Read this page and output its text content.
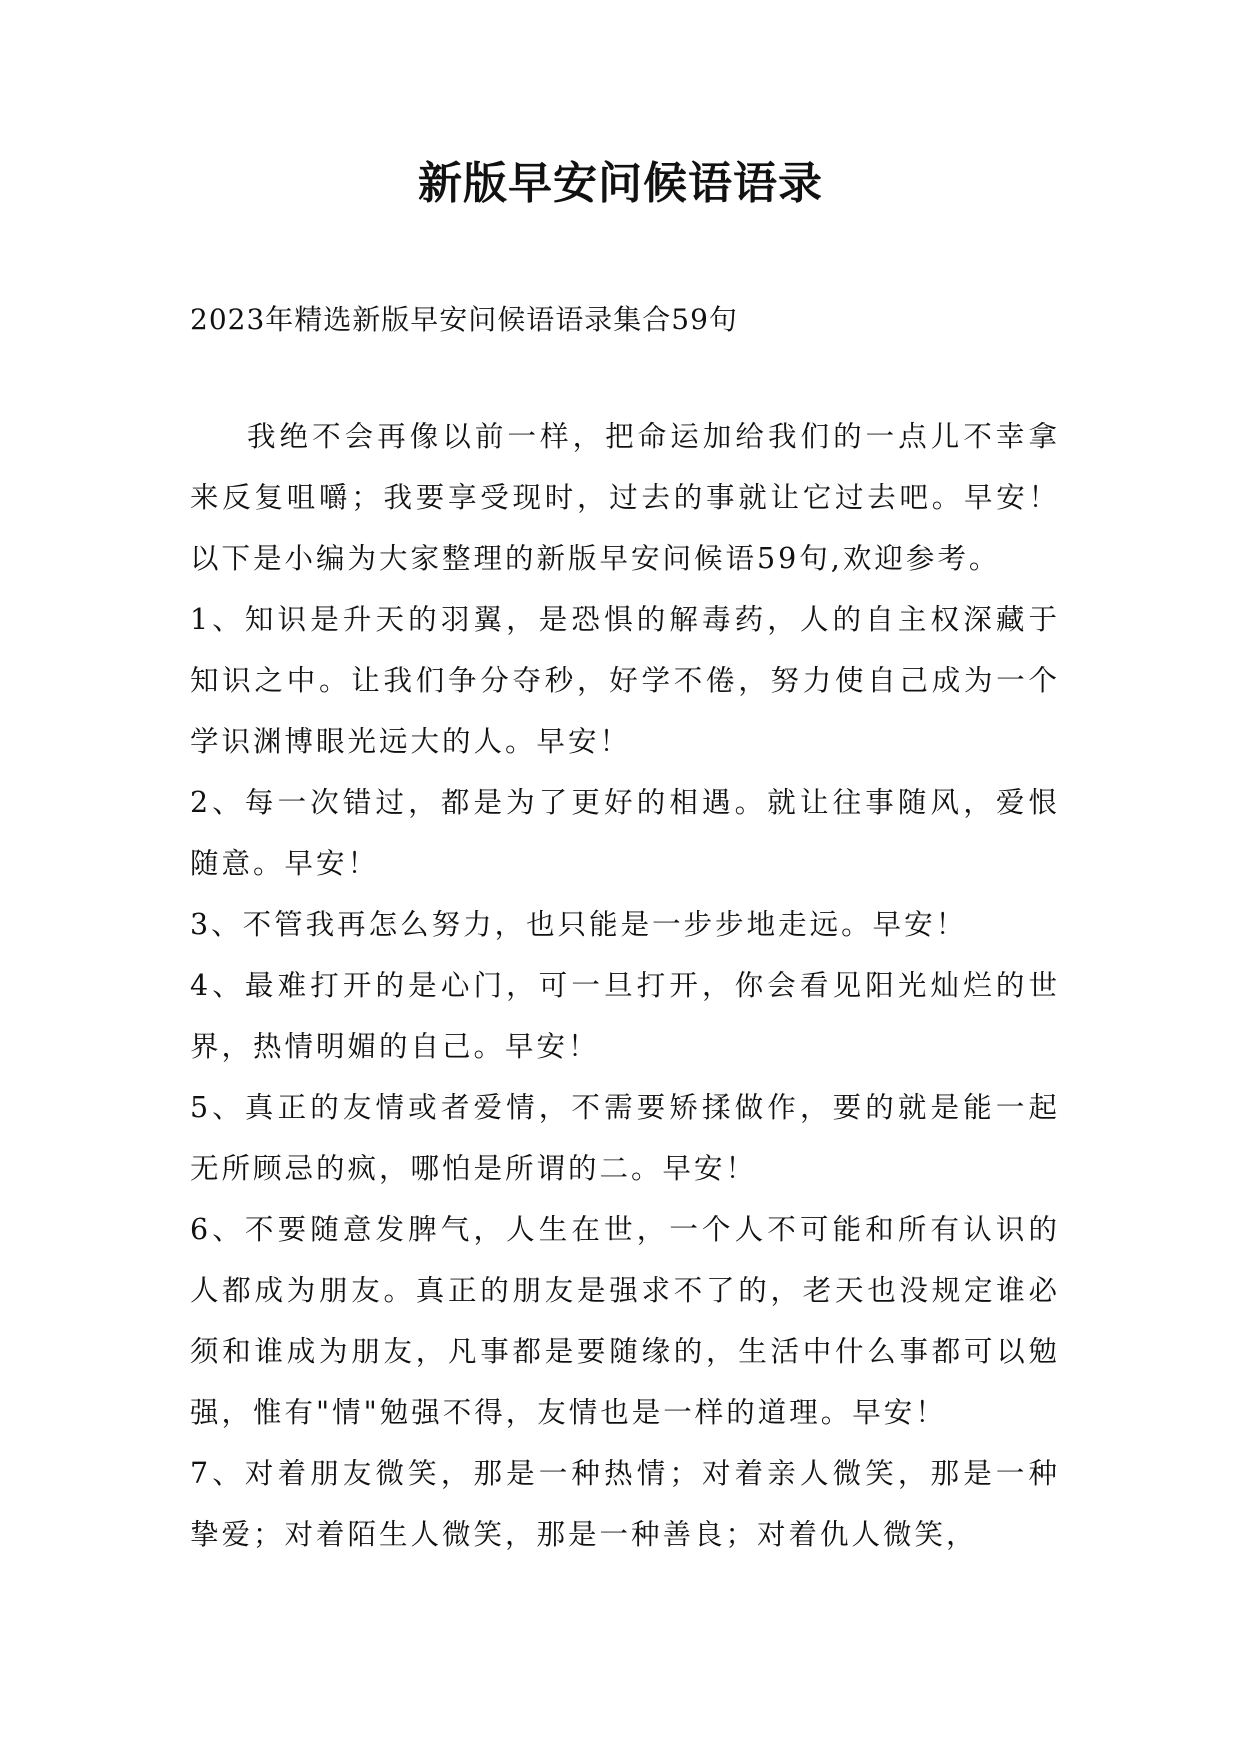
新版早安问候语语录
2023年精选新版早安问候语语录集合59句

我绝不会再像以前一样，把命运加给我们的一点儿不幸拿来反复咀嚼；我要享受现时，过去的事就让它过去吧。早安！以下是小编为大家整理的新版早安问候语59句,欢迎参考。

1、知识是升天的羽翼，是恐惧的解毒药，人的自主权深藏于知识之中。让我们争分夺秒，好学不倦，努力使自己成为一个学识渊博眼光远大的人。早安！

2、每一次错过，都是为了更好的相遇。就让往事随风，爱恨随意。早安！

3、不管我再怎么努力，也只能是一步步地走远。早安！

4、最难打开的是心门，可一旦打开，你会看见阳光灿烂的世界，热情明媚的自己。早安！

5、真正的友情或者爱情，不需要矫揉做作，要的就是能一起无所顾忌的疯，哪怕是所谓的二。早安！

6、不要随意发脾气，人生在世，一个人不可能和所有认识的人都成为朋友。真正的朋友是强求不了的，老天也没规定谁必须和谁成为朋友，凡事都是要随缘的，生活中什么事都可以勉强，惟有"情"勉强不得，友情也是一样的道理。早安！

7、对着朋友微笑，那是一种热情；对着亲人微笑，那是一种挚爱；对着陌生人微笑，那是一种善良；对着仇人微笑，
